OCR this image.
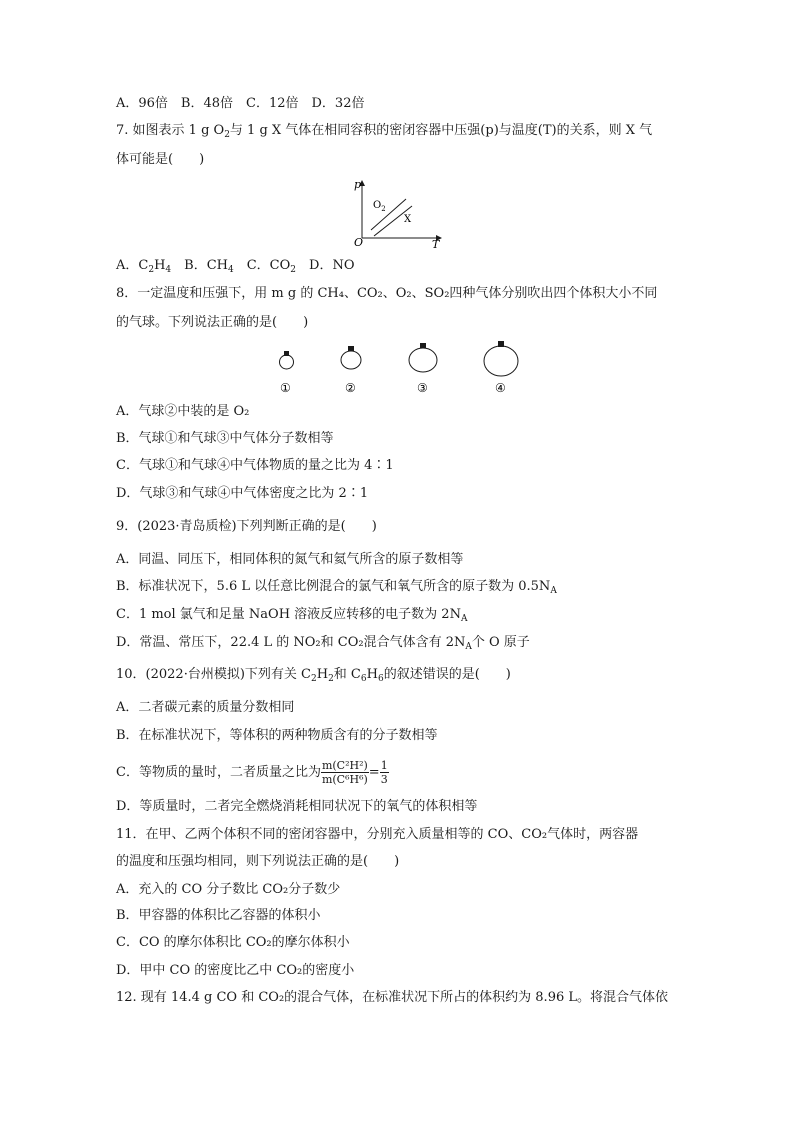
A．96倍　B．48倍　C．12倍　D．32倍
7. 如图表示 1 g $O_2$与 1 g X 气体在相同容积的密闭容器中压强(p)与温度(T)的关系，则 X 气
体可能是(　　)
p
T
O
$O_2$
X
A．$C_2H_4$　B．$CH_4$　C．$CO_2$　D．NO
8．一定温度和压强下，用 m g 的 CH₄、CO₂、O₂、SO₂四种气体分别吹出四个体积大小不同
的气球。下列说法正确的是(　　)
①	②	③	④
A．气球②中装的是 O₂
B．气球①和气球③中气体分子数相等
C．气球①和气球④中气体物质的量之比为 4∶1
D．气球③和气球④中气体密度之比为 2∶1
9．(2023·青岛质检)下列判断正确的是(　　)
A．同温、同压下，相同体积的氮气和氦气所含的原子数相等
B．标准状况下，5.6 L 以任意比例混合的氯气和氧气所含的原子数为 $0.5N_A$
C．1 mol 氯气和足量 NaOH 溶液反应转移的电子数为 $2N_A$
D．常温、常压下，22.4 L 的 NO₂和 CO₂混合气体含有 $2N_A$个 O 原子
10．(2022·台州模拟)下列有关 $C_2H_2$和 $C_6H_6$的叙述错误的是(　　)
A．二者碳元素的质量分数相同
B．在标准状况下，等体积的两种物质含有的分子数相等
C．等物质的量时，二者质量之比为 $\frac{\text{m(C²H²)}}{\text{m(C⁶H⁶)}} = \frac{1}{3}$
D．等质量时，二者完全燃烧消耗相同状况下的氧气的体积相等
11．在甲、乙两个体积不同的密闭容器中，分别充入质量相等的 CO、CO₂气体时，两容器
的温度和压强均相同，则下列说法正确的是(　　)
A．充入的 CO 分子数比 CO₂分子数少
B．甲容器的体积比乙容器的体积小
C．CO 的摩尔体积比 CO₂的摩尔体积小
D．甲中 CO 的密度比乙中 CO₂的密度小
12. 现有 14.4 g CO 和 CO₂的混合气体，在标准状况下所占的体积约为 8.96 L。将混合气体依
